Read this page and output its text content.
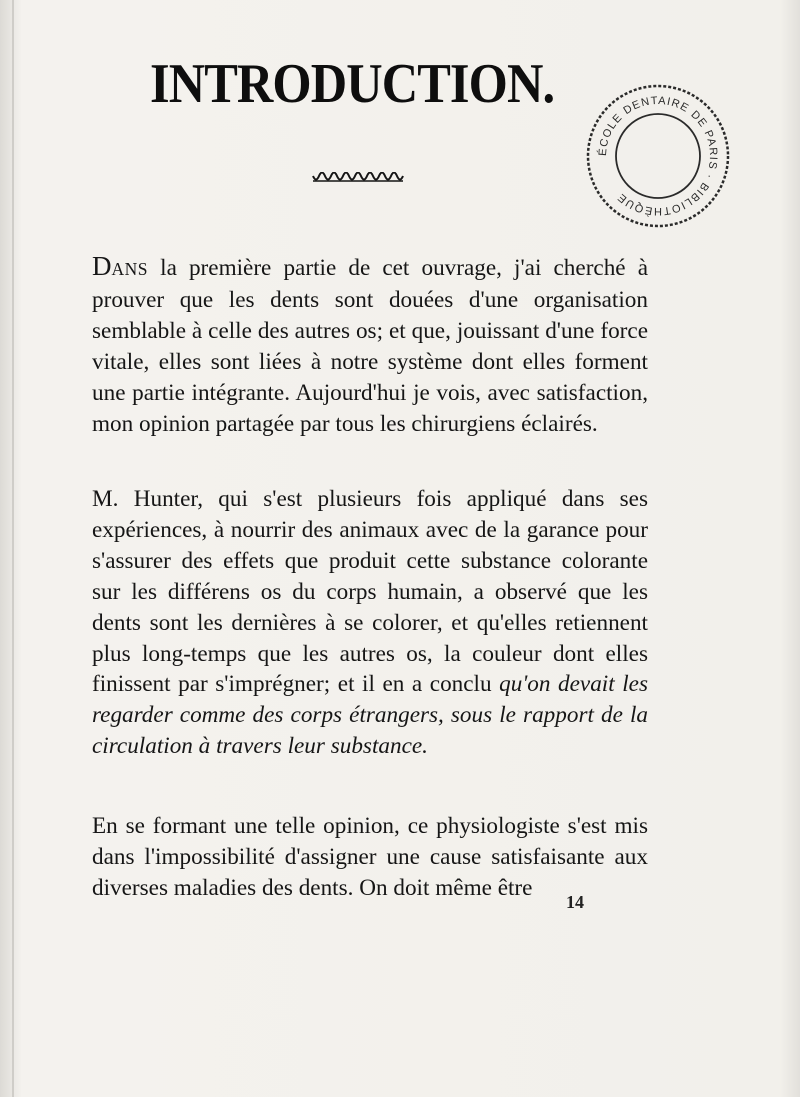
INTRODUCTION.
ÉCOLE DENTAIRE DE PARIS · BIBLIOTHÈQUE
DANS la première partie de cet ouvrage, j'ai cherché à prouver que les dents sont douées d'une organisation semblable à celle des autres os; et que, jouissant d'une force vitale, elles sont liées à notre système dont elles forment une partie intégrante. Aujourd'hui je vois, avec satisfaction, mon opinion partagée par tous les chirurgiens éclairés.
M. Hunter, qui s'est plusieurs fois appliqué dans ses expériences, à nourrir des animaux avec de la garance pour s'assurer des effets que produit cette substance colorante sur les différens os du corps humain, a observé que les dents sont les dernières à se colorer, et qu'elles retiennent plus long-temps que les autres os, la couleur dont elles finissent par s'imprégner; et il en a conclu qu'on devait les regarder comme des corps étrangers, sous le rapport de la circulation à travers leur substance.
En se formant une telle opinion, ce physiologiste s'est mis dans l'impossibilité d'assigner une cause satisfaisante aux diverses maladies des dents. On doit même être
14
